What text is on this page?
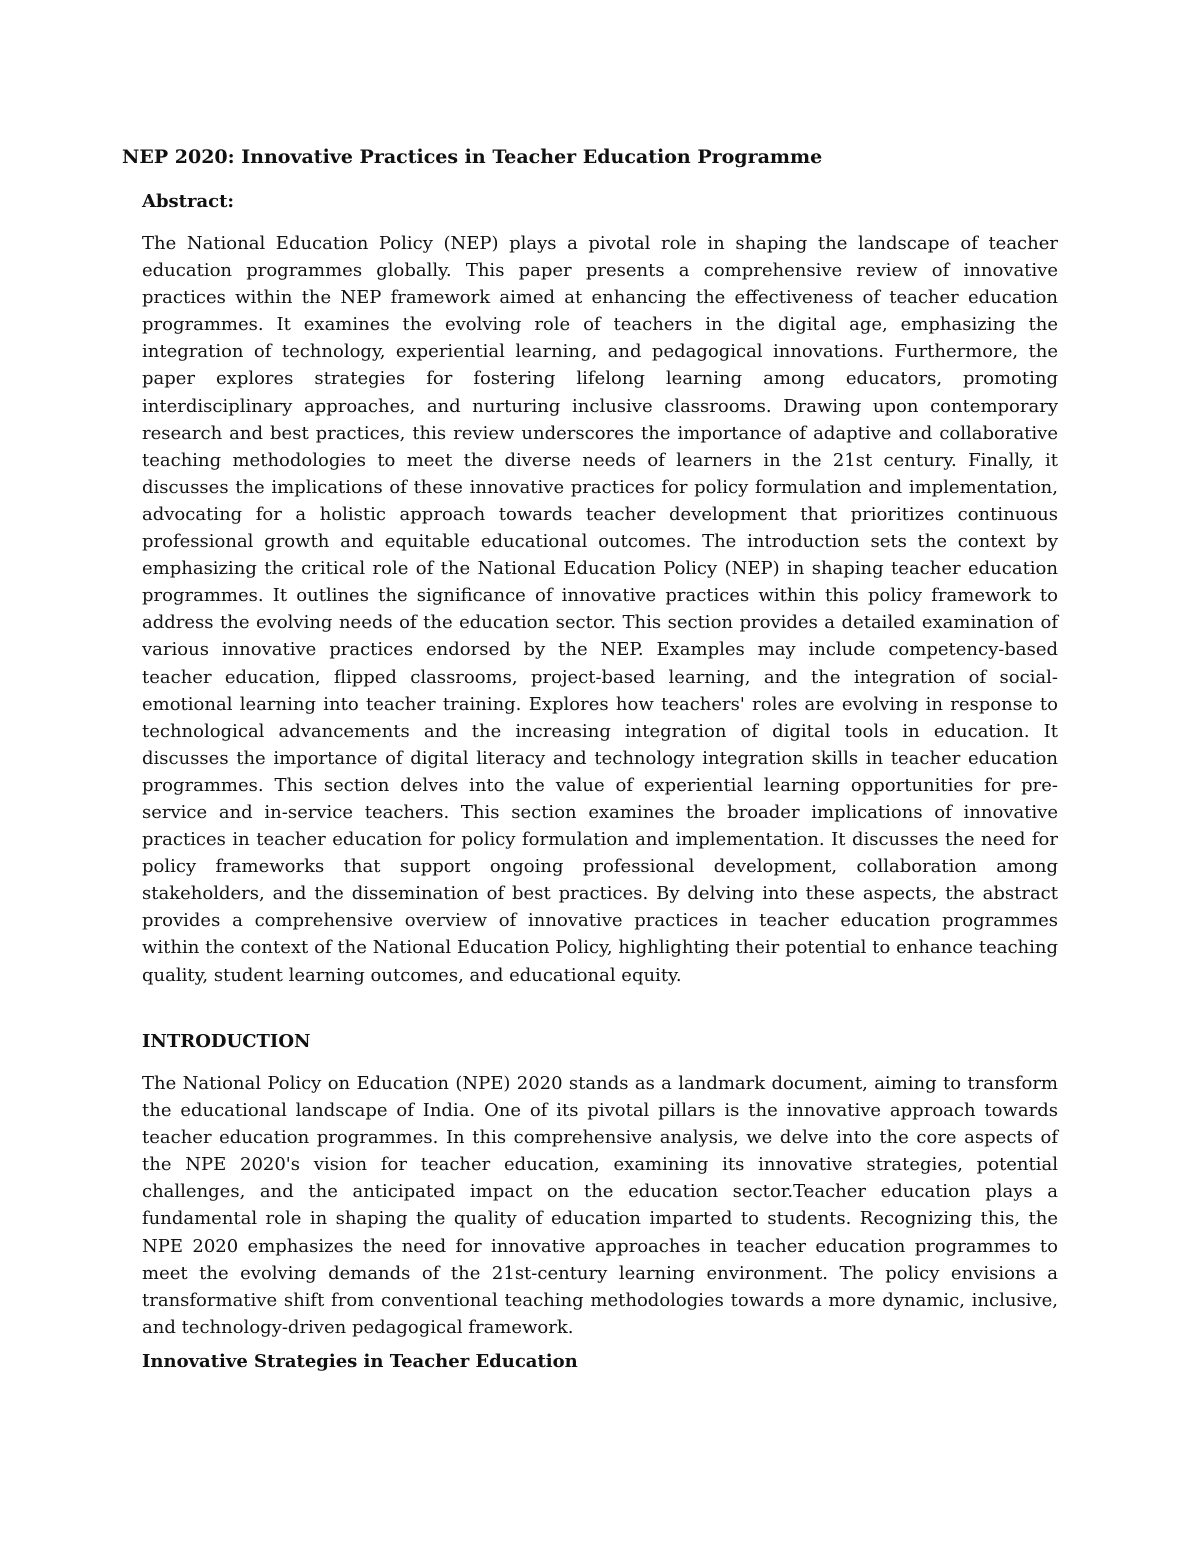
NEP 2020: Innovative Practices in Teacher Education Programme
Abstract:

The National Education Policy (NEP) plays a pivotal role in shaping the landscape of teacher education programmes globally. This paper presents a comprehensive review of innovative practices within the NEP framework aimed at enhancing the effectiveness of teacher education programmes. It examines the evolving role of teachers in the digital age, emphasizing the integration of technology, experiential learning, and pedagogical innovations. Furthermore, the paper explores strategies for fostering lifelong learning among educators, promoting interdisciplinary approaches, and nurturing inclusive classrooms. Drawing upon contemporary research and best practices, this review underscores the importance of adaptive and collaborative teaching methodologies to meet the diverse needs of learners in the 21st century. Finally, it discusses the implications of these innovative practices for policy formulation and implementation, advocating for a holistic approach towards teacher development that prioritizes continuous professional growth and equitable educational outcomes. The introduction sets the context by emphasizing the critical role of the National Education Policy (NEP) in shaping teacher education programmes. It outlines the significance of innovative practices within this policy framework to address the evolving needs of the education sector. This section provides a detailed examination of various innovative practices endorsed by the NEP. Examples may include competency-based teacher education, flipped classrooms, project-based learning, and the integration of social-emotional learning into teacher training. Explores how teachers' roles are evolving in response to technological advancements and the increasing integration of digital tools in education. It discusses the importance of digital literacy and technology integration skills in teacher education programmes. This section delves into the value of experiential learning opportunities for pre-service and in-service teachers. This section examines the broader implications of innovative practices in teacher education for policy formulation and implementation. It discusses the need for policy frameworks that support ongoing professional development, collaboration among stakeholders, and the dissemination of best practices. By delving into these aspects, the abstract provides a comprehensive overview of innovative practices in teacher education programmes within the context of the National Education Policy, highlighting their potential to enhance teaching quality, student learning outcomes, and educational equity.

INTRODUCTION

The National Policy on Education (NPE) 2020 stands as a landmark document, aiming to transform the educational landscape of India. One of its pivotal pillars is the innovative approach towards teacher education programmes. In this comprehensive analysis, we delve into the core aspects of the NPE 2020's vision for teacher education, examining its innovative strategies, potential challenges, and the anticipated impact on the education sector.Teacher education plays a fundamental role in shaping the quality of education imparted to students. Recognizing this, the NPE 2020 emphasizes the need for innovative approaches in teacher education programmes to meet the evolving demands of the 21st-century learning environment. The policy envisions a transformative shift from conventional teaching methodologies towards a more dynamic, inclusive, and technology-driven pedagogical framework.

Innovative Strategies in Teacher Education
